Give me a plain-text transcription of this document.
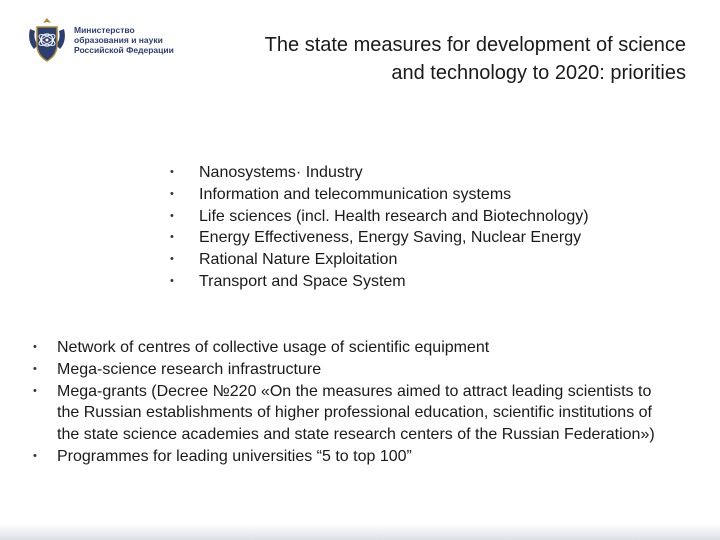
Министерство
образования и науки
Российской Федерации	The state measures for development of science
and technology to 2020: priorities
• Nanosystems· Industry
• Information and telecommunication systems
• Life sciences (incl. Health research and Biotechnology)
• Energy Effectiveness, Energy Saving, Nuclear Energy
• Rational Nature Exploitation
• Transport and Space System
• Network of centres of collective usage of scientific equipment
• Mega-science research infrastructure
• Mega-grants (Decree №220 «On the measures aimed to attract leading scientists to the Russian establishments of higher professional education, scientific institutions of the state science academies and state research centers of the Russian Federation»)
• Programmes for leading universities “5 to top 100”
